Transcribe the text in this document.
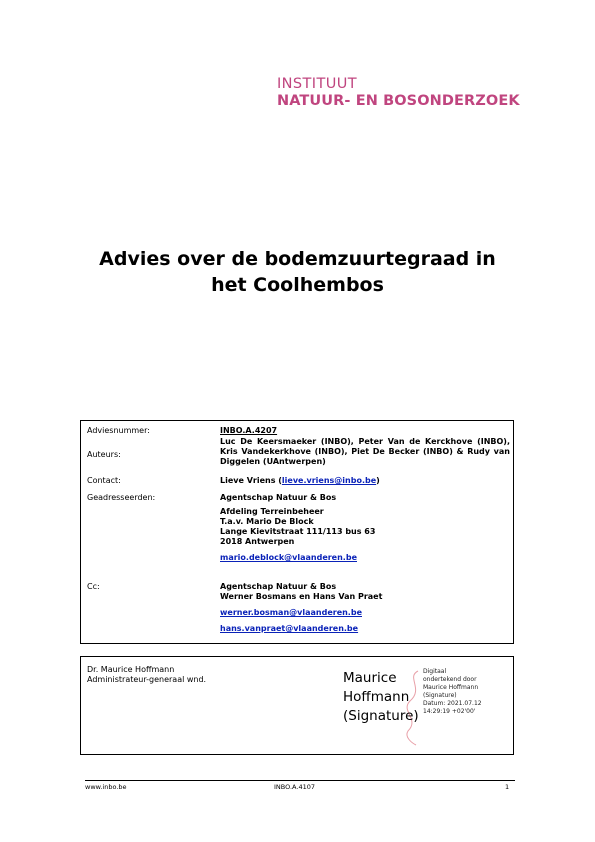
INSTITUUT
NATUUR- EN BOSONDERZOEK
Advies over de bodemzuurtegraad in
het Coolhembos
Adviesnummer:	INBO.A.4207
Auteurs:
Luc De Keersmaeker (INBO), Peter Van de Kerckhove (INBO), Kris Vandekerkhove (INBO), Piet De Becker (INBO) & Rudy van Diggelen (UAntwerpen)
Contact:	Lieve Vriens (lieve.vriens@inbo.be)
Geadresseerden:	Agentschap Natuur & Bos
Afdeling Terreinbeheer
T.a.v. Mario De Block
Lange Kievitstraat 111/113 bus 63
2018 Antwerpen
mario.deblock@vlaanderen.be
Cc:	Agentschap Natuur & Bos
Werner Bosmans en Hans Van Praet
werner.bosman@vlaanderen.be
hans.vanpraet@vlaanderen.be
Dr. Maurice Hoffmann
Administrateur-generaal wnd.	Maurice
Hoffmann
(Signature)
Digitaal
ondertekend door
Maurice Hoffmann
(Signature)
Datum: 2021.07.12
14:29:19 +02'00'
www.inbo.be	INBO.A.4107	1
